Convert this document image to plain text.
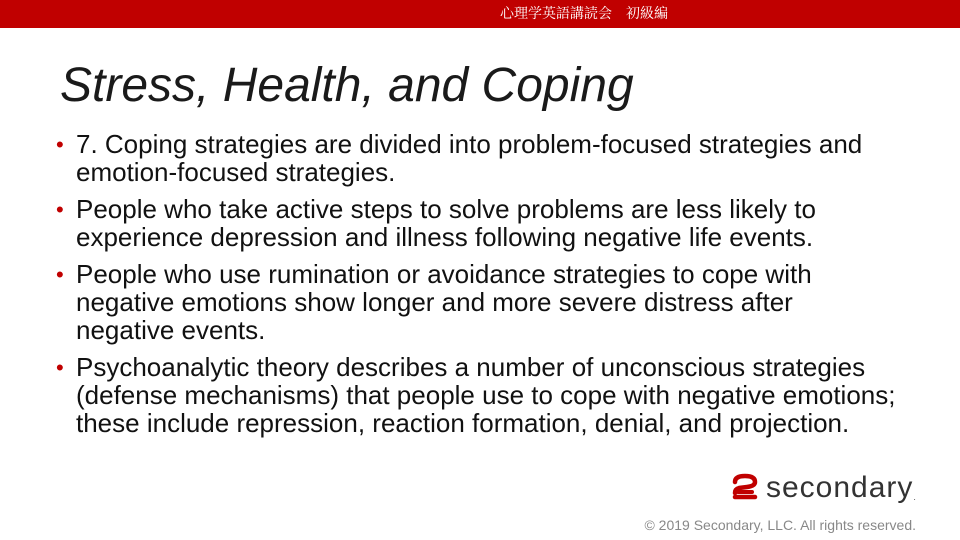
心理学英語講読会　初級編
Stress, Health, and Coping
• 7. Coping strategies are divided into problem-focused strategies and emotion-focused strategies.
• People who take active steps to solve problems are less likely to experience depression and illness following negative life events.
• People who use rumination or avoidance strategies to cope with negative emotions show longer and more severe distress after negative events.
• Psychoanalytic theory describes a number of unconscious strategies (defense mechanisms) that people use to cope with negative emotions; these include repression, reaction formation, denial, and projection.
secondary .
© 2019 Secondary, LLC. All rights reserved.
